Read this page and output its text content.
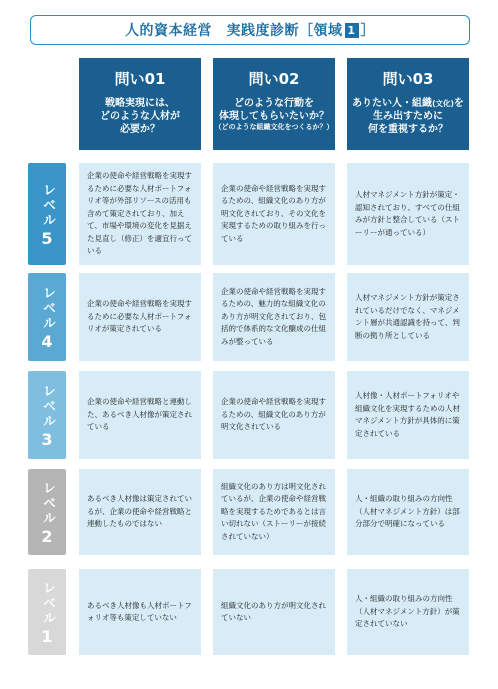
人的資本経営　実践度診断［領域 1 ］
問い01
戦略実現には、
どのような人材が
必要か？
問い02
どのような行動を
体現してもらいたいか？
（どのような組織文化をつくるか？）
問い03
ありたい人・組織(文化)を
生み出すために
何を重視するか？
レベル
5
企業の使命や経営戦略を実現するために必要な人材ポートフォリオ等が外部リソースの活用も含めて策定されており、加えて、市場や環境の変化を見据えた見直し（修正）を適宜行っている
企業の使命や経営戦略を実現するための、組織文化のあり方が明文化されており、その文化を実現するための取り組みを行っている
人材マネジメント方針が策定・認知されており、すべての仕組みが方針と整合している（ストーリーが通っている）
レベル
4
企業の使命や経営戦略を実現するために必要な人材ポートフォリオが策定されている
企業の使命や経営戦略を実現するための、魅力的な組織文化のあり方が明文化されており、包括的で体系的な文化醸成の仕組みが整っている
人材マネジメント方針が策定されているだけでなく、マネジメント層が共通認識を持って、判断の拠り所としている
レベル
3
企業の使命や経営戦略と連動した、あるべき人材像が策定されている
企業の使命や経営戦略を実現するための、組織文化のあり方が明文化されている
人材像・人材ポートフォリオや組織文化を実現するための人材マネジメント方針が具体的に策定されている
レベル
2
あるべき人材像は策定されているが、企業の使命や経営戦略と連動したものではない
組織文化のあり方は明文化されているが、企業の使命や経営戦略を実現するためであるとは言い切れない（ストーリーが接続されていない）
人・組織の取り組みの方向性（人材マネジメント方針）は部分部分で明確になっている
レベル
1
あるべき人材像も人材ポートフォリオ等も策定していない
組織文化のあり方が明文化されていない
人・組織の取り組みの方向性（人材マネジメント方針）が策定されていない
